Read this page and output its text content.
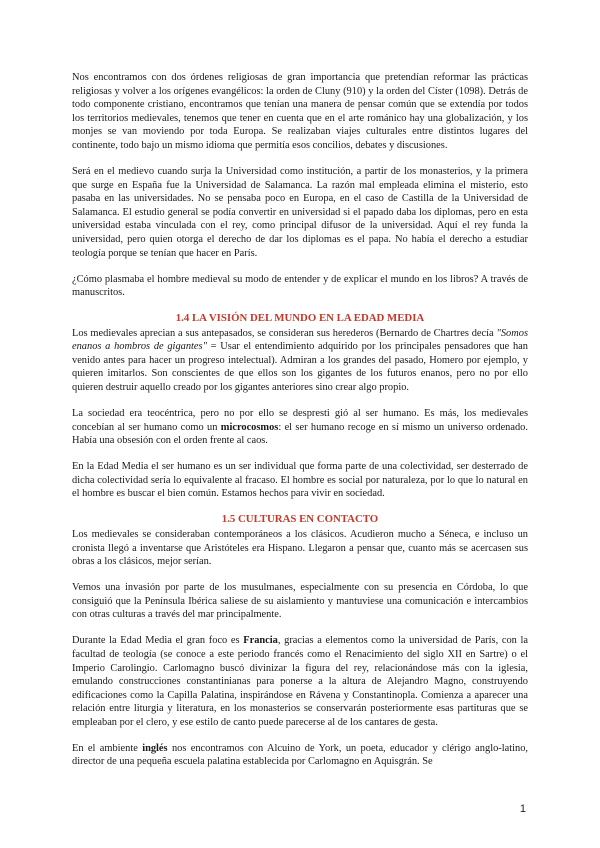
Nos encontramos con dos órdenes religiosas de gran importancia que pretendían reformar las prácticas religiosas y volver a los orígenes evangélicos: la orden de Cluny (910) y la orden del Císter (1098). Detrás de todo componente cristiano, encontramos que tenían una manera de pensar común que se extendía por todos los territorios medievales, tenemos que tener en cuenta que en el arte románico hay una globalización, y los monjes se van moviendo por toda Europa. Se realizaban viajes culturales entre distintos lugares del continente, todo bajo un mismo idioma que permitía esos concilios, debates y discusiones.

Será en el medievo cuando surja la Universidad como institución, a partir de los monasterios, y la primera que surge en España fue la Universidad de Salamanca. La razón mal empleada elimina el misterio, esto pasaba en las universidades. No se pensaba poco en Europa, en el caso de Castilla de la Universidad de Salamanca. El estudio general se podía convertir en universidad si el papado daba los diplomas, pero en esta universidad estaba vinculada con el rey, como principal difusor de la universidad. Aquí el rey funda la universidad, pero quien otorga el derecho de dar los diplomas es el papa. No había el derecho a estudiar teología porque se tenían que hacer en París.

¿Cómo plasmaba el hombre medieval su modo de entender y de explicar el mundo en los libros? A través de manuscritos.

1.4 LA VISIÓN DEL MUNDO EN LA EDAD MEDIA

Los medievales aprecian a sus antepasados, se consideran sus herederos (Bernardo de Chartres decía "Somos enanos a hombros de gigantes" = Usar el entendimiento adquirido por los principales pensadores que han venido antes para hacer un progreso intelectual). Admiran a los grandes del pasado, Homero por ejemplo, y quieren imitarlos. Son conscientes de que ellos son los gigantes de los futuros enanos, pero no por ello quieren destruir aquello creado por los gigantes anteriores sino crear algo propio.

La sociedad era teocéntrica, pero no por ello se despresti gió al ser humano. Es más, los medievales concebían al ser humano como un microcosmos: el ser humano recoge en sí mismo un universo ordenado. Había una obsesión con el orden frente al caos.

En la Edad Media el ser humano es un ser individual que forma parte de una colectividad, ser desterrado de dicha colectividad sería lo equivalente al fracaso. El hombre es social por naturaleza, por lo que lo natural en el hombre es buscar el bien común. Estamos hechos para vivir en sociedad.

1.5 CULTURAS EN CONTACTO

Los medievales se consideraban contemporáneos a los clásicos. Acudieron mucho a Séneca, e incluso un cronista llegó a inventarse que Aristóteles era Hispano. Llegaron a pensar que, cuanto más se acercasen sus obras a los clásicos, mejor serían.

Vemos una invasión por parte de los musulmanes, especialmente con su presencia en Córdoba, lo que consiguió que la Península Ibérica saliese de su aislamiento y mantuviese una comunicación e intercambios con otras culturas a través del mar principalmente.

Durante la Edad Media el gran foco es Francia, gracias a elementos como la universidad de París, con la facultad de teología (se conoce a este periodo francés como el Renacimiento del siglo XII en Sartre) o el Imperio Carolingio. Carlomagno buscó divinizar la figura del rey, relacionándose más con la iglesia, emulando construcciones constantinianas para ponerse a la altura de Alejandro Magno, construyendo edificaciones como la Capilla Palatina, inspirándose en Rávena y Constantinopla. Comienza a aparecer una relación entre liturgia y literatura, en los monasterios se conservarán posteriormente esas partituras que se empleaban por el clero, y ese estilo de canto puede parecerse al de los cantares de gesta.

En el ambiente inglés nos encontramos con Alcuino de York, un poeta, educador y clérigo anglo-latino, director de una pequeña escuela palatina establecida por Carlomagno en Aquisgrán. Se

1
